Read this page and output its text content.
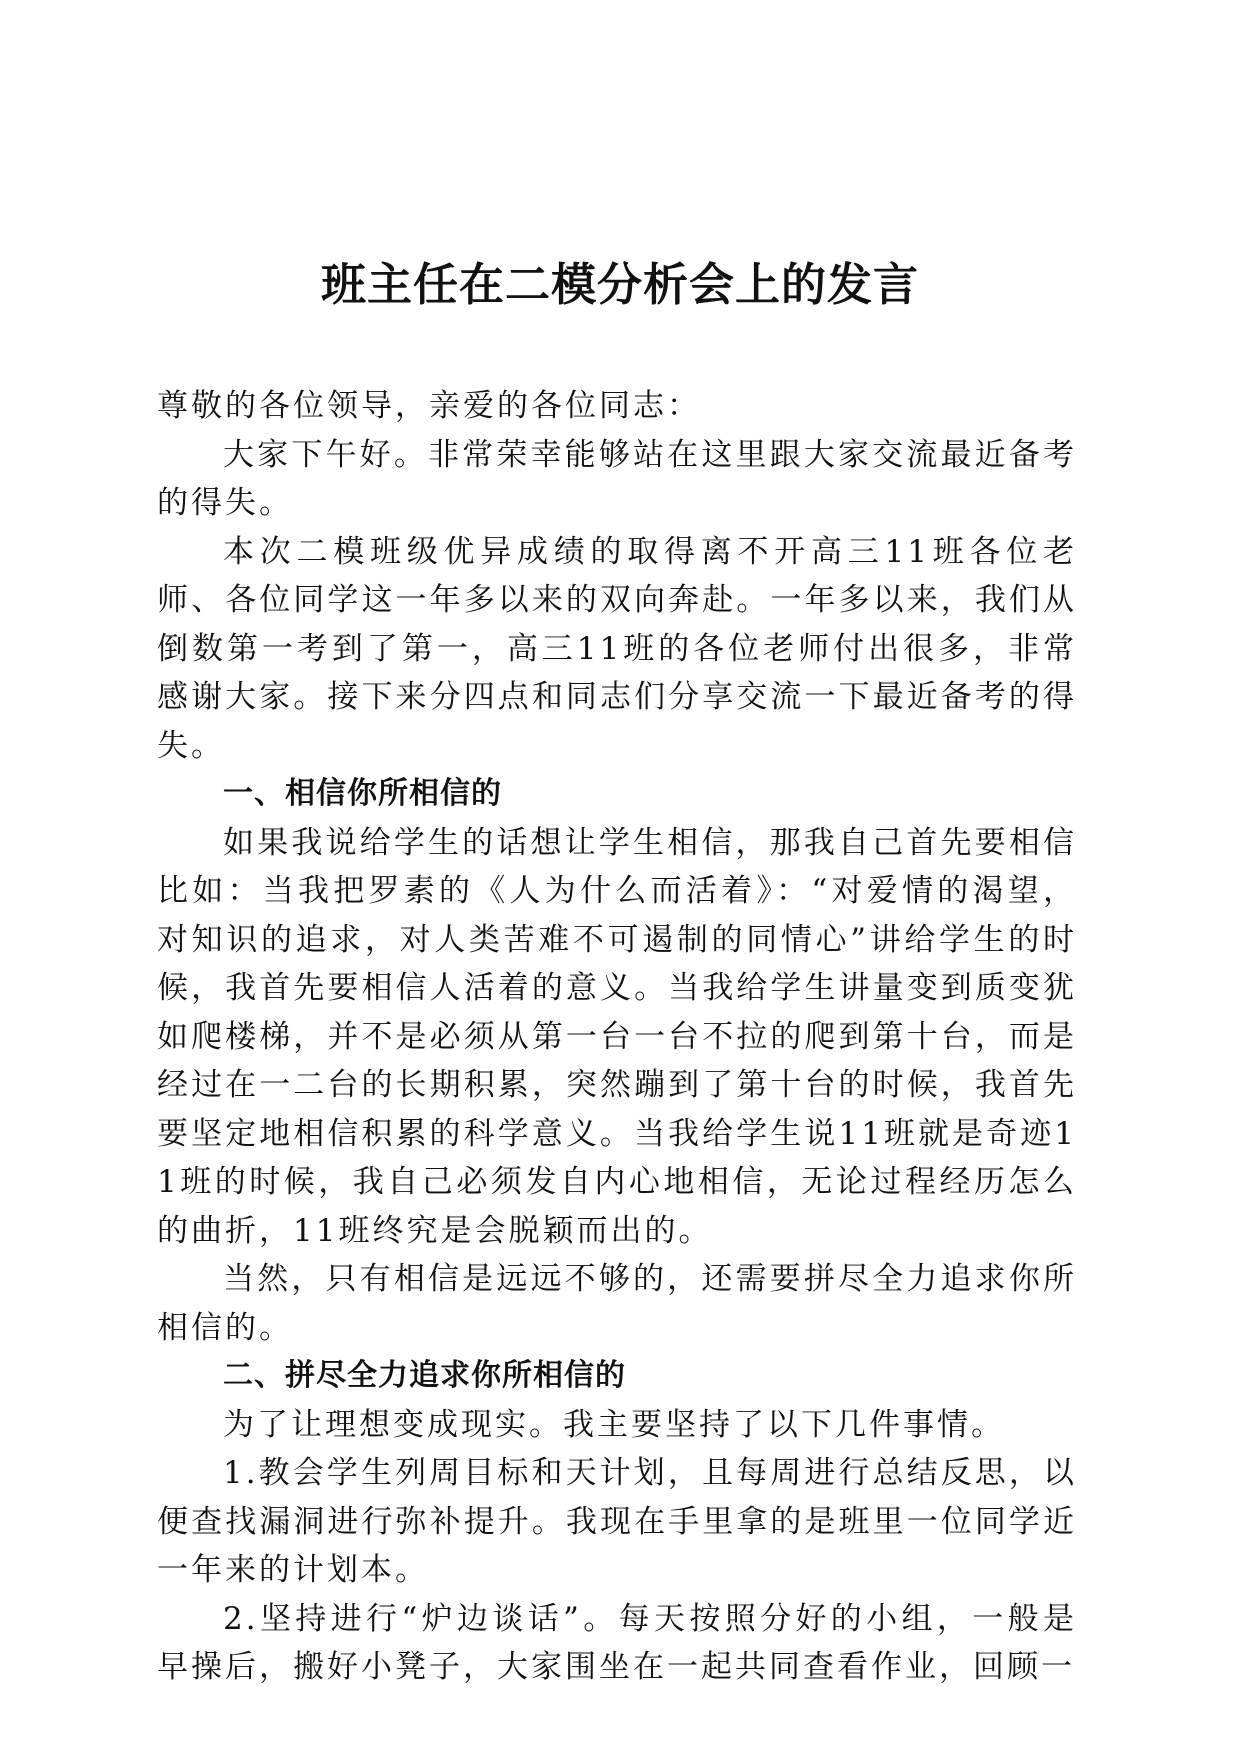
班主任在二模分析会上的发言

尊敬的各位领导，亲爱的各位同志：

大家下午好。非常荣幸能够站在这里跟大家交流最近备考的得失。

本次二模班级优异成绩的取得离不开高三11班各位老师、各位同学这一年多以来的双向奔赴。一年多以来，我们从倒数第一考到了第一，高三11班的各位老师付出很多，非常感谢大家。接下来分四点和同志们分享交流一下最近备考的得失。

一、相信你所相信的

如果我说给学生的话想让学生相信，那我自己首先要相信比如：当我把罗素的《人为什么而活着》：“对爱情的渴望，对知识的追求，对人类苦难不可遏制的同情心”讲给学生的时候，我首先要相信人活着的意义。当我给学生讲量变到质变犹如爬楼梯，并不是必须从第一台一台不拉的爬到第十台，而是经过在一二台的长期积累，突然蹦到了第十台的时候，我首先要坚定地相信积累的科学意义。当我给学生说11班就是奇迹11班的时候，我自己必须发自内心地相信，无论过程经历怎么的曲折，11班终究是会脱颖而出的。

当然，只有相信是远远不够的，还需要拼尽全力追求你所相信的。

二、拼尽全力追求你所相信的

为了让理想变成现实。我主要坚持了以下几件事情。

1.教会学生列周目标和天计划，且每周进行总结反思，以便查找漏洞进行弥补提升。我现在手里拿的是班里一位同学近一年来的计划本。

2.坚持进行“炉边谈话”。每天按照分好的小组，一般是早操后，搬好小凳子，大家围坐在一起共同查看作业，回顾一
